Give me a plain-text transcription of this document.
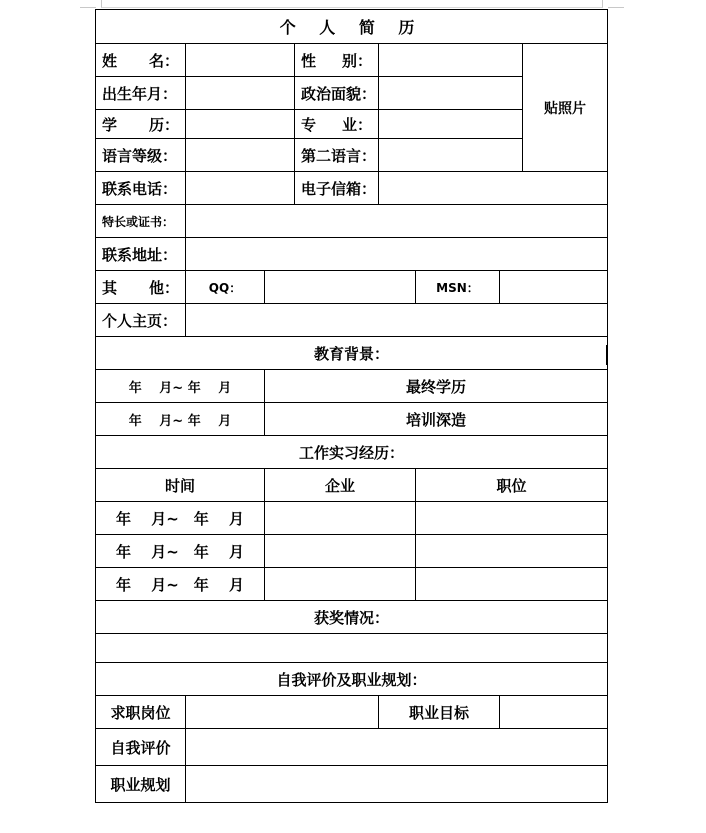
个 人 简 历							

姓 名：			性 别：				贴照片
出生年月：			政治面貌：				

学 历：			专 业：				

语言等级：			第二语言：				
联系电话：			电子信箱：				
特长或证书：							
联系地址：							

其 他：	QQ：				MSN：		
个人主页：							
教育背景：							
年　 月~ 年　 月		最终学历					
年　 月~ 年　 月		培训深造					
工作实习经历：							
时间		企业			职位		
年　 月~　年　 月							
年　 月~　年　 月							
年　 月~　年　 月							
获奖情况：							

自我评价及职业规划：							
求职岗位				职业目标			
自我评价							
职业规划							
